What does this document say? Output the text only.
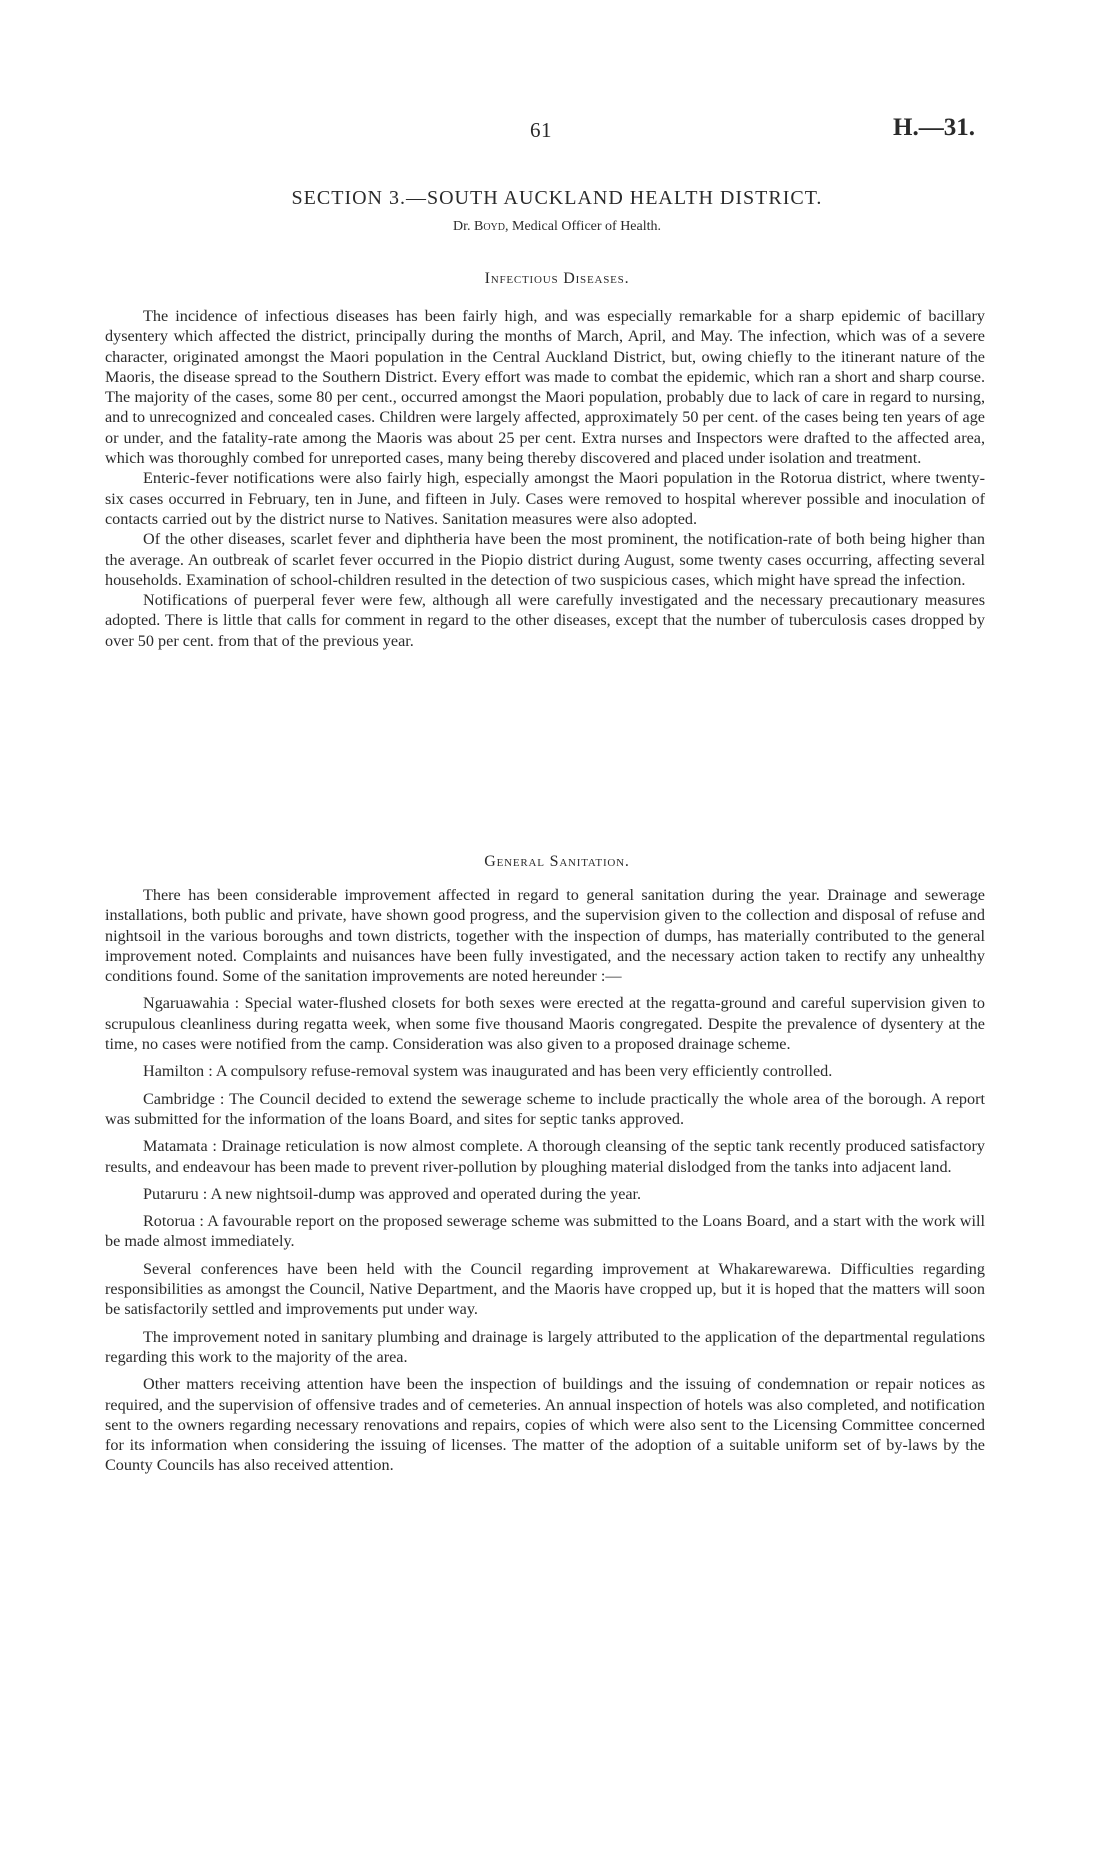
61	H.—31.
SECTION 3.—SOUTH AUCKLAND HEALTH DISTRICT.
Dr. Boyd, Medical Officer of Health.
Infectious Diseases.

The incidence of infectious diseases has been fairly high, and was especially remarkable for a sharp epidemic of bacillary dysentery which affected the district, principally during the months of March, April, and May. The infection, which was of a severe character, originated amongst the Maori population in the Central Auckland District, but, owing chiefly to the itinerant nature of the Maoris, the disease spread to the Southern District. Every effort was made to combat the epidemic, which ran a short and sharp course. The majority of the cases, some 80 per cent., occurred amongst the Maori population, probably due to lack of care in regard to nursing, and to unrecognized and concealed cases. Children were largely affected, approximately 50 per cent. of the cases being ten years of age or under, and the fatality-rate among the Maoris was about 25 per cent. Extra nurses and Inspectors were drafted to the affected area, which was thoroughly combed for unreported cases, many being thereby discovered and placed under isolation and treatment.

Enteric-fever notifications were also fairly high, especially amongst the Maori population in the Rotorua district, where twenty-six cases occurred in February, ten in June, and fifteen in July. Cases were removed to hospital wherever possible and inoculation of contacts carried out by the district nurse to Natives. Sanitation measures were also adopted.

Of the other diseases, scarlet fever and diphtheria have been the most prominent, the notification-rate of both being higher than the average. An outbreak of scarlet fever occurred in the Piopio district during August, some twenty cases occurring, affecting several households. Examination of school-children resulted in the detection of two suspicious cases, which might have spread the infection.

Notifications of puerperal fever were few, although all were carefully investigated and the necessary precautionary measures adopted. There is little that calls for comment in regard to the other diseases, except that the number of tuberculosis cases dropped by over 50 per cent. from that of the previous year.

General Sanitation.

There has been considerable improvement affected in regard to general sanitation during the year. Drainage and sewerage installations, both public and private, have shown good progress, and the supervision given to the collection and disposal of refuse and nightsoil in the various boroughs and town districts, together with the inspection of dumps, has materially contributed to the general improvement noted. Complaints and nuisances have been fully investigated, and the necessary action taken to rectify any unhealthy conditions found. Some of the sanitation improvements are noted hereunder :—

Ngaruawahia : Special water-flushed closets for both sexes were erected at the regatta-ground and careful supervision given to scrupulous cleanliness during regatta week, when some five thousand Maoris congregated. Despite the prevalence of dysentery at the time, no cases were notified from the camp. Consideration was also given to a proposed drainage scheme.

Hamilton : A compulsory refuse-removal system was inaugurated and has been very efficiently controlled.

Cambridge : The Council decided to extend the sewerage scheme to include practically the whole area of the borough. A report was submitted for the information of the loans Board, and sites for septic tanks approved.

Matamata : Drainage reticulation is now almost complete. A thorough cleansing of the septic tank recently produced satisfactory results, and endeavour has been made to prevent river-pollution by ploughing material dislodged from the tanks into adjacent land.

Putaruru : A new nightsoil-dump was approved and operated during the year.

Rotorua : A favourable report on the proposed sewerage scheme was submitted to the Loans Board, and a start with the work will be made almost immediately.

Several conferences have been held with the Council regarding improvement at Whakarewarewa. Difficulties regarding responsibilities as amongst the Council, Native Department, and the Maoris have cropped up, but it is hoped that the matters will soon be satisfactorily settled and improvements put under way.

The improvement noted in sanitary plumbing and drainage is largely attributed to the application of the departmental regulations regarding this work to the majority of the area.

Other matters receiving attention have been the inspection of buildings and the issuing of condemnation or repair notices as required, and the supervision of offensive trades and of cemeteries. An annual inspection of hotels was also completed, and notification sent to the owners regarding necessary renovations and repairs, copies of which were also sent to the Licensing Committee concerned for its information when considering the issuing of licenses. The matter of the adoption of a suitable uniform set of by-laws by the County Councils has also received attention.
